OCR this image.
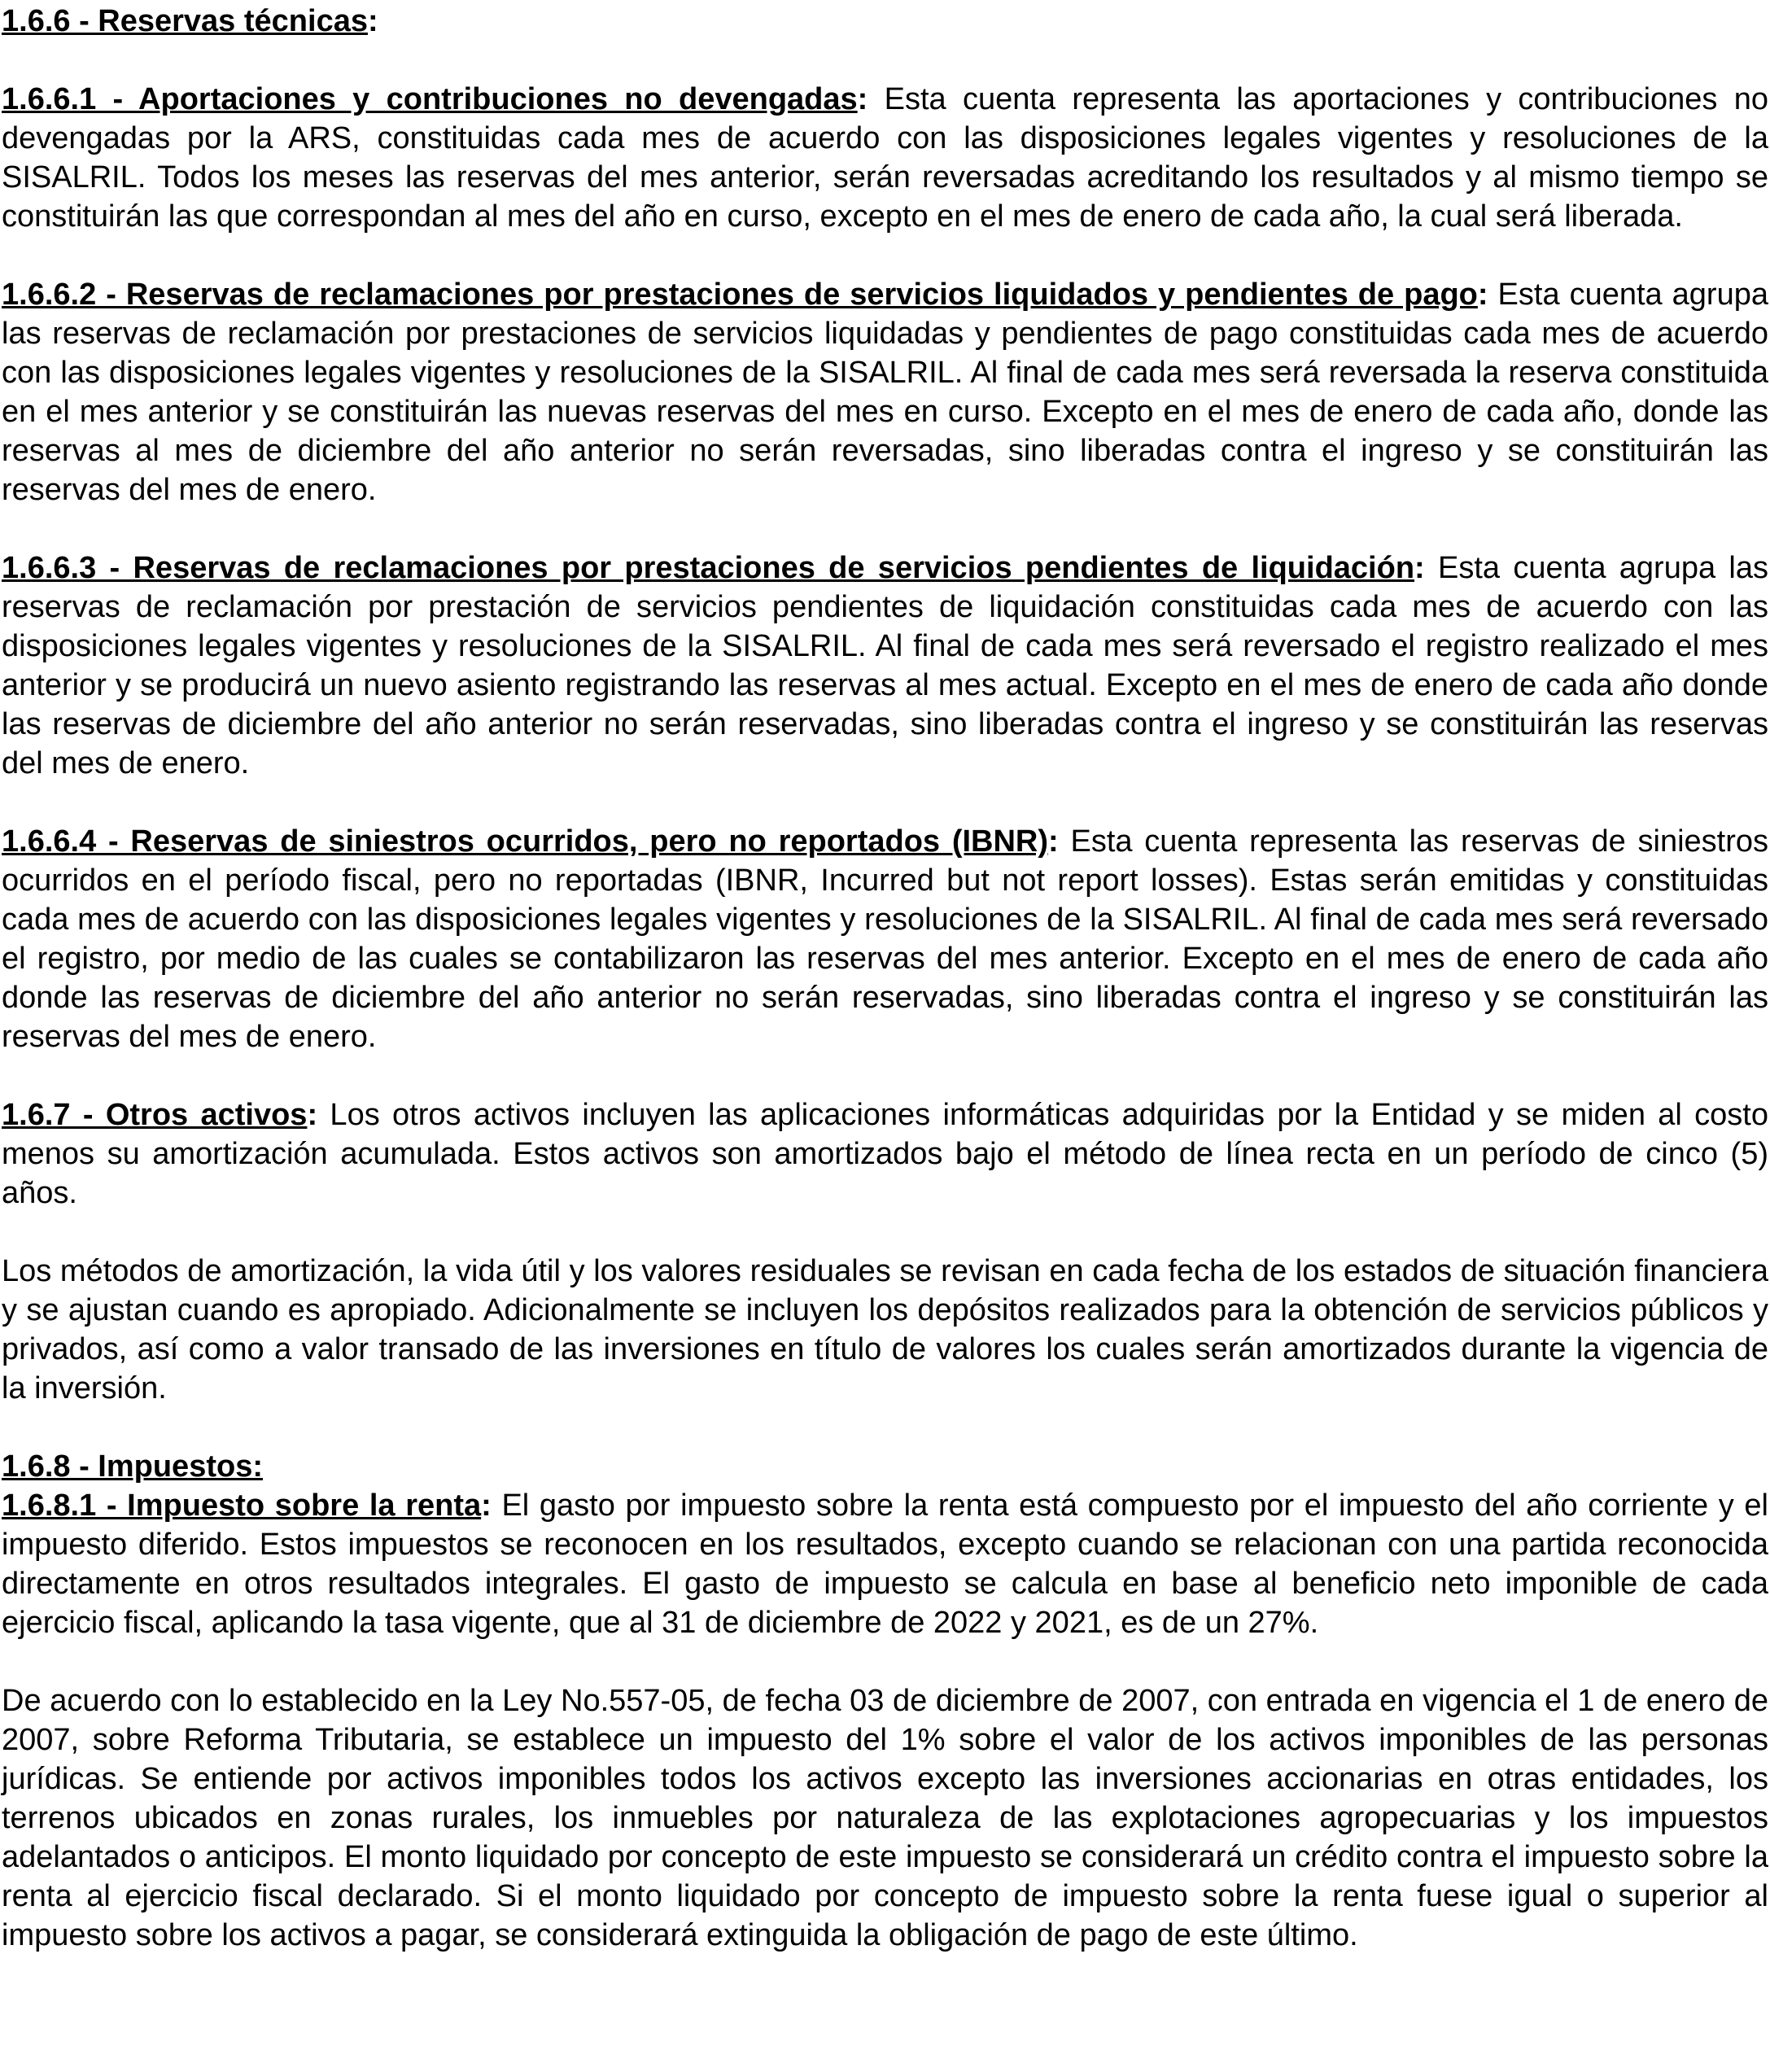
1.6.6 - Reservas técnicas:

1.6.6.1 - Aportaciones y contribuciones no devengadas: Esta cuenta representa las aportaciones y contribuciones no devengadas por la ARS, constituidas cada mes de acuerdo con las disposiciones legales vigentes y resoluciones de la SISALRIL. Todos los meses las reservas del mes anterior, serán reversadas acreditando los resultados y al mismo tiempo se constituirán las que correspondan al mes del año en curso, excepto en el mes de enero de cada año, la cual será liberada.

1.6.6.2 - Reservas de reclamaciones por prestaciones de servicios liquidados y pendientes de pago: Esta cuenta agrupa las reservas de reclamación por prestaciones de servicios liquidadas y pendientes de pago constituidas cada mes de acuerdo con las disposiciones legales vigentes y resoluciones de la SISALRIL. Al final de cada mes será reversada la reserva constituida en el mes anterior y se constituirán las nuevas reservas del mes en curso. Excepto en el mes de enero de cada año, donde las reservas al mes de diciembre del año anterior no serán reversadas, sino liberadas contra el ingreso y se constituirán las reservas del mes de enero.

1.6.6.3 - Reservas de reclamaciones por prestaciones de servicios pendientes de liquidación: Esta cuenta agrupa las reservas de reclamación por prestación de servicios pendientes de liquidación constituidas cada mes de acuerdo con las disposiciones legales vigentes y resoluciones de la SISALRIL. Al final de cada mes será reversado el registro realizado el mes anterior y se producirá un nuevo asiento registrando las reservas al mes actual. Excepto en el mes de enero de cada año donde las reservas de diciembre del año anterior no serán reservadas, sino liberadas contra el ingreso y se constituirán las reservas del mes de enero.

1.6.6.4 - Reservas de siniestros ocurridos, pero no reportados (IBNR): Esta cuenta representa las reservas de siniestros ocurridos en el período fiscal, pero no reportadas (IBNR, Incurred but not report losses). Estas serán emitidas y constituidas cada mes de acuerdo con las disposiciones legales vigentes y resoluciones de la SISALRIL. Al final de cada mes será reversado el registro, por medio de las cuales se contabilizaron las reservas del mes anterior. Excepto en el mes de enero de cada año donde las reservas de diciembre del año anterior no serán reservadas, sino liberadas contra el ingreso y se constituirán las reservas del mes de enero.

1.6.7 - Otros activos: Los otros activos incluyen las aplicaciones informáticas adquiridas por la Entidad y se miden al costo menos su amortización acumulada. Estos activos son amortizados bajo el método de línea recta en un período de cinco (5) años.

Los métodos de amortización, la vida útil y los valores residuales se revisan en cada fecha de los estados de situación financiera y se ajustan cuando es apropiado. Adicionalmente se incluyen los depósitos realizados para la obtención de servicios públicos y privados, así como a valor transado de las inversiones en título de valores los cuales serán amortizados durante la vigencia de la inversión.

1.6.8 - Impuestos:

1.6.8.1 - Impuesto sobre la renta: El gasto por impuesto sobre la renta está compuesto por el impuesto del año corriente y el impuesto diferido. Estos impuestos se reconocen en los resultados, excepto cuando se relacionan con una partida reconocida directamente en otros resultados integrales. El gasto de impuesto se calcula en base al beneficio neto imponible de cada ejercicio fiscal, aplicando la tasa vigente, que al 31 de diciembre de 2022 y 2021, es de un 27%.

De acuerdo con lo establecido en la Ley No.557-05, de fecha 03 de diciembre de 2007, con entrada en vigencia el 1 de enero de 2007, sobre Reforma Tributaria, se establece un impuesto del 1% sobre el valor de los activos imponibles de las personas jurídicas. Se entiende por activos imponibles todos los activos excepto las inversiones accionarias en otras entidades, los terrenos ubicados en zonas rurales, los inmuebles por naturaleza de las explotaciones agropecuarias y los impuestos adelantados o anticipos. El monto liquidado por concepto de este impuesto se considerará un crédito contra el impuesto sobre la renta al ejercicio fiscal declarado. Si el monto liquidado por concepto de impuesto sobre la renta fuese igual o superior al impuesto sobre los activos a pagar, se considerará extinguida la obligación de pago de este último.
